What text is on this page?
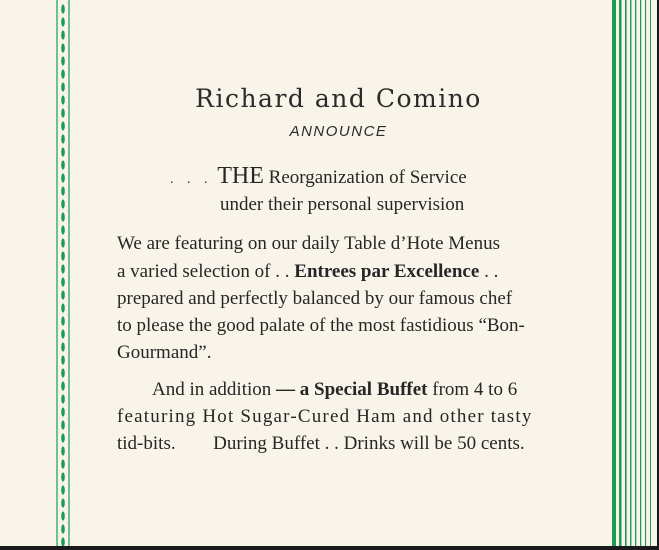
Richard and Comino
ANNOUNCE
. . . THE Reorganization of Service
under their personal supervision
We are featuring on our daily Table d’Hote Menus
a varied selection of . . Entrees par Excellence . .
prepared and perfectly balanced by our famous chef
to please the good palate of the most fastidious “Bon-
Gourmand”.
And in addition — a Special Buffet from 4 to 6
featuring Hot Sugar-Cured Ham and other tasty
tid-bits. During Buffet . . Drinks will be 50 cents.
